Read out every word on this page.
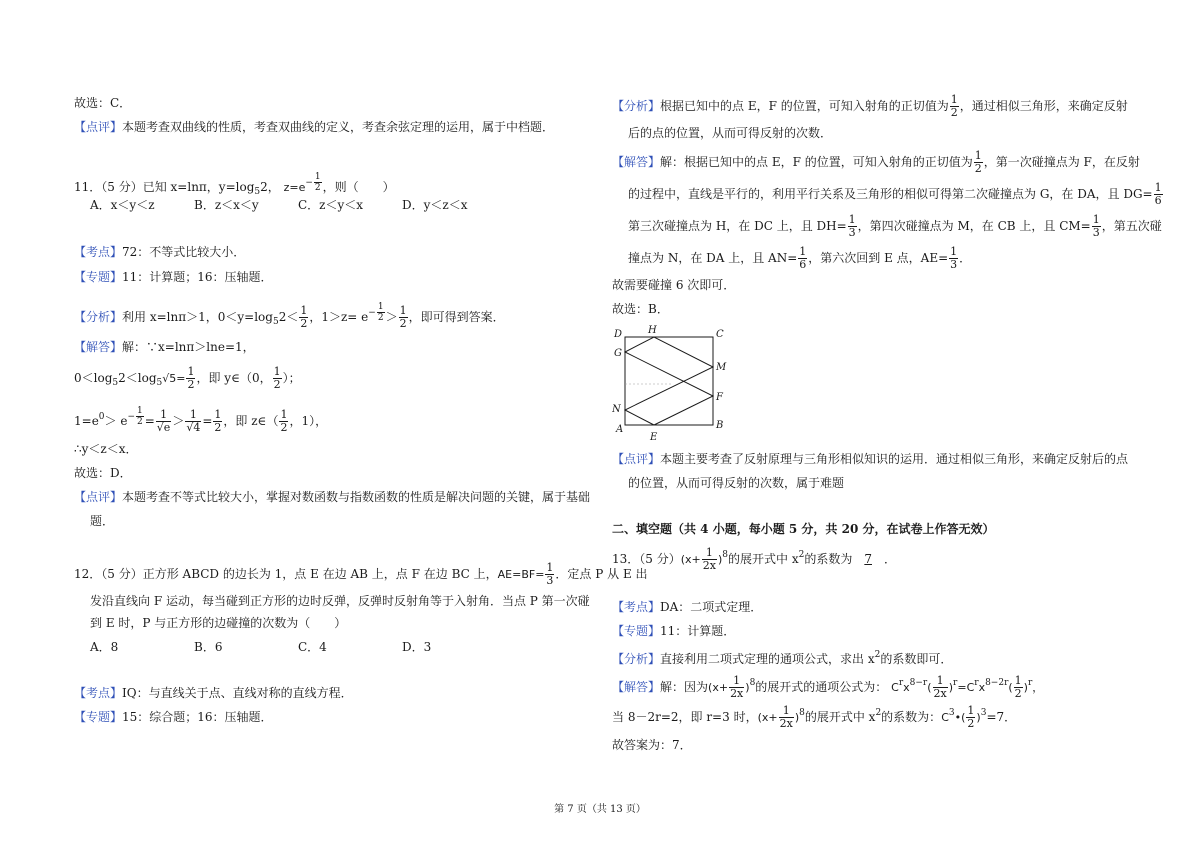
故选：C．
【点评】本题考查双曲线的性质，考查双曲线的定义，考查余弦定理的运用，属于中档题．
11．（5 分）已知 x=lnπ，$y=\log_52$， $z=e^{- \frac{1}{2}}$ ，则（　　）
A．x＜y＜z	B．z＜x＜y	C．z＜y＜x	D．y＜z＜x
【考点】72：不等式比较大小．
【专题】11：计算题；16：压轴题．
【分析】利用 x=lnπ＞1，$0<y=\log_52< \frac{1}{2}$ ，$1>z= e^{- \frac{1}{2}} > \frac{1}{2}$ ，即可得到答案．
【解答】解：∵x=lnπ＞lne=1，
$0<\log_52<\log_5√5= \frac{1}{2}$ ，即 y∈（0， $\frac{1}{2}$ ）；
$1=e^0> e^{- \frac{1}{2}} = \frac{1}{√e} > \frac{1}{√4} = \frac{1}{2}$ ，即 z∈（ $\frac{1}{2}$ ，1），
∴y＜z＜x．
故选：D．
【点评】本题考查不等式比较大小，掌握对数函数与指数函数的性质是解决问题的关键，属于基础
题．
12．（5 分）正方形 ABCD 的边长为 1，点 E 在边 AB 上，点 F 在边 BC 上，$AE=BF= \frac{1}{3}$ ．定点 P 从 E 出
发沿直线向 F 运动，每当碰到正方形的边时反弹，反弹时反射角等于入射角．当点 P 第一次碰
到 E 时，P 与正方形的边碰撞的次数为（　　）
A．8	B．6	C．4	D．3
【考点】IQ：与直线关于点、直线对称的直线方程．
【专题】15：综合题；16：压轴题．
【分析】根据已知中的点 E，F 的位置，可知入射角的正切值为 $\frac{1}{2}$ ，通过相似三角形，来确定反射
后的点的位置，从而可得反射的次数．
【解答】解：根据已知中的点 E，F 的位置，可知入射角的正切值为 $\frac{1}{2}$ ，第一次碰撞点为 F，在反射
的过程中，直线是平行的，利用平行关系及三角形的相似可得第二次碰撞点为 G，在 DA，且 $DG= \frac{1}{6}$
第三次碰撞点为 H，在 DC 上，且 $DH= \frac{1}{3}$ ，第四次碰撞点为 M，在 CB 上，且 $CM= \frac{1}{3}$ ，第五次碰
撞点为 N，在 DA 上，且 $AN= \frac{1}{6}$ ，第六次回到 E 点，$AE= \frac{1}{3}$ ．
故需要碰撞 6 次即可．
故选：B．
D	H	C
G
M
N
F
A
E
B
【点评】本题主要考查了反射原理与三角形相似知识的运用．通过相似三角形，来确定反射后的点
的位置，从而可得反射的次数，属于难题
二、填空题（共 4 小题，每小题 5 分，共 20 分，在试卷上作答无效）
13．（5 分）$(x+ \frac{1}{2x} )^8$的展开式中 $x^2$的系数为 7 ．
【考点】DA：二项式定理．
【专题】11：计算题．
【分析】直接利用二项式定理的通项公式，求出 $x^2$的系数即可．
【解答】解：因为$(x+ \frac{1}{2x} )^8$的展开式的通项公式为： $C^rx^{8-r}( \frac{1}{2x} )^r=C^rx^{8-2r}( \frac{1}{2} )^r$，
当 8－2r=2，即 r=3 时，$(x+ \frac{1}{2x} )^8$的展开式中 $x^2$的系数为：$C^3•( \frac{1}{2} )^3=7$．
故答案为：7．
第 7 页（共 13 页）
